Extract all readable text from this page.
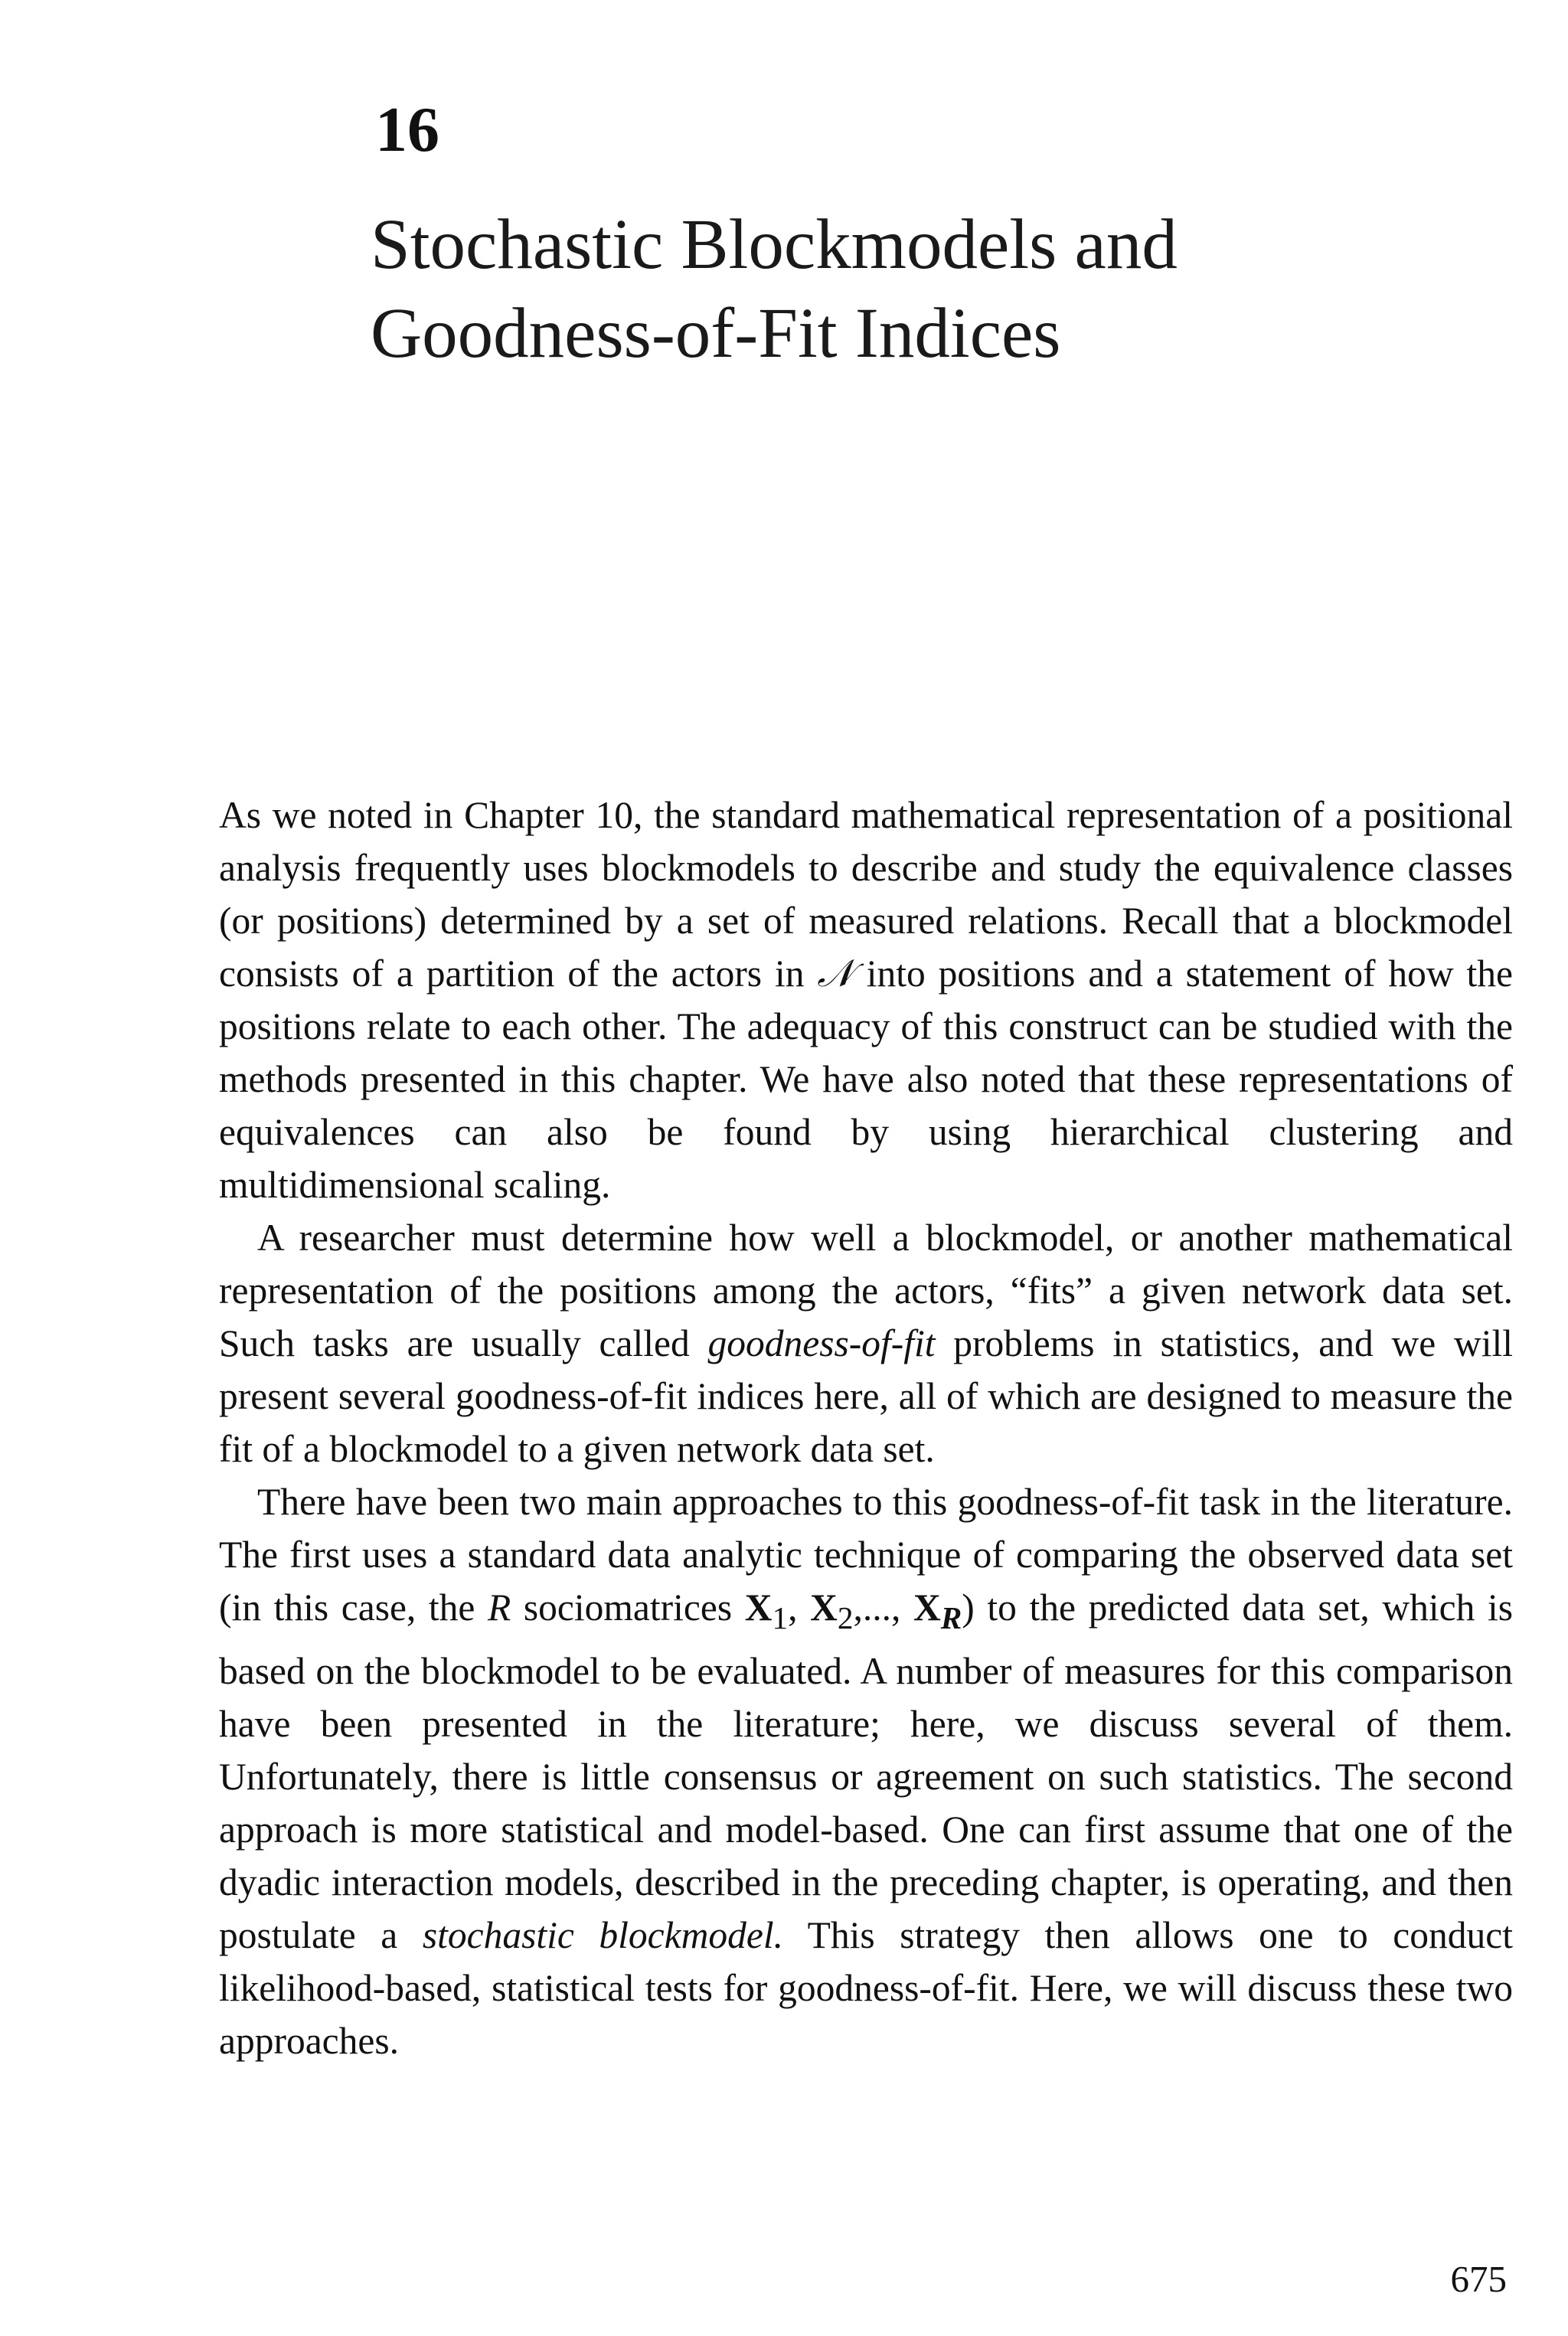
16
Stochastic Blockmodels and
Goodness-of-Fit Indices

As we noted in Chapter 10, the standard mathematical representation of a positional analysis frequently uses blockmodels to describe and study the equivalence classes (or positions) determined by a set of measured relations. Recall that a blockmodel consists of a partition of the actors in 𝒩 into positions and a statement of how the positions relate to each other. The adequacy of this construct can be studied with the methods presented in this chapter. We have also noted that these representations of equivalences can also be found by using hierarchical clustering and multidimensional scaling.

A researcher must determine how well a blockmodel, or another mathematical representation of the positions among the actors, “fits” a given network data set. Such tasks are usually called goodness-of-fit problems in statistics, and we will present several goodness-of-fit indices here, all of which are designed to measure the fit of a blockmodel to a given network data set.

There have been two main approaches to this goodness-of-fit task in the literature. The first uses a standard data analytic technique of comparing the observed data set (in this case, the R sociomatrices $X_1$, $X_2$,..., $X_R$) to the predicted data set, which is based on the blockmodel to be evaluated. A number of measures for this comparison have been presented in the literature; here, we discuss several of them. Unfortunately, there is little consensus or agreement on such statistics. The second approach is more statistical and model-based. One can first assume that one of the dyadic interaction models, described in the preceding chapter, is operating, and then postulate a stochastic blockmodel. This strategy then allows one to conduct likelihood-based, statistical tests for goodness-of-fit. Here, we will discuss these two approaches.

675
